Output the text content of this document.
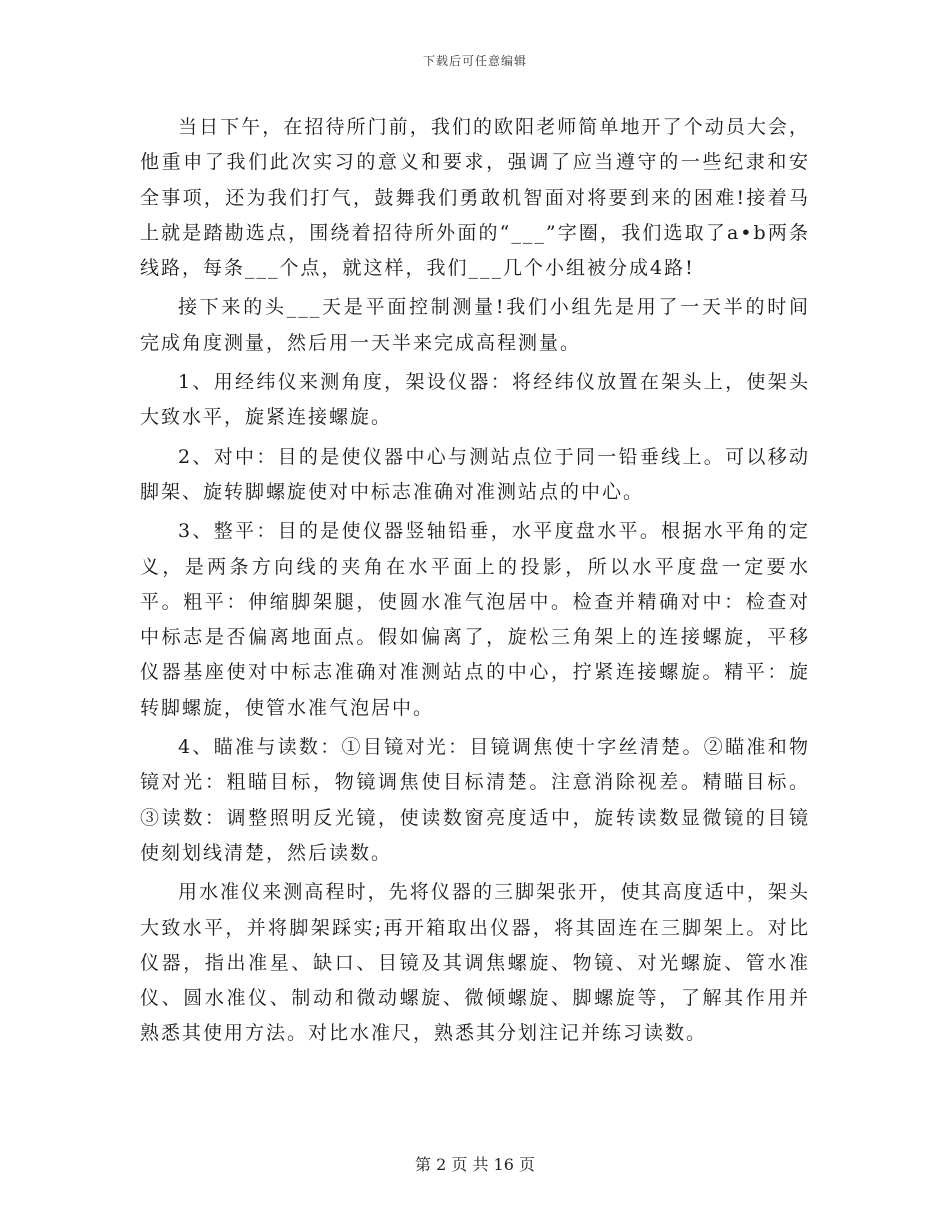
下载后可任意编辑

当日下午，在招待所门前，我们的欧阳老师简单地开了个动员大会，他重申了我们此次实习的意义和要求，强调了应当遵守的一些纪隶和安全事项，还为我们打气，鼓舞我们勇敢机智面对将要到来的困难!接着马上就是踏勘选点，围绕着招待所外面的“___”字圈，我们选取了a•b两条线路，每条___个点，就这样，我们___几个小组被分成4路!

接下来的头___天是平面控制测量!我们小组先是用了一天半的时间完成角度测量，然后用一天半来完成高程测量。

1、用经纬仪来测角度，架设仪器：将经纬仪放置在架头上，使架头大致水平，旋紧连接螺旋。

2、对中：目的是使仪器中心与测站点位于同一铅垂线上。可以移动脚架、旋转脚螺旋使对中标志准确对准测站点的中心。

3、整平：目的是使仪器竖轴铅垂，水平度盘水平。根据水平角的定义，是两条方向线的夹角在水平面上的投影，所以水平度盘一定要水平。粗平：伸缩脚架腿，使圆水准气泡居中。检查并精确对中：检查对中标志是否偏离地面点。假如偏离了，旋松三角架上的连接螺旋，平移仪器基座使对中标志准确对准测站点的中心，拧紧连接螺旋。精平：旋转脚螺旋，使管水准气泡居中。

4、瞄准与读数：①目镜对光：目镜调焦使十字丝清楚。②瞄准和物镜对光：粗瞄目标，物镜调焦使目标清楚。注意消除视差。精瞄目标。③读数：调整照明反光镜，使读数窗亮度适中，旋转读数显微镜的目镜使刻划线清楚，然后读数。

用水准仪来测高程时，先将仪器的三脚架张开，使其高度适中，架头大致水平，并将脚架踩实;再开箱取出仪器，将其固连在三脚架上。对比仪器，指出准星、缺口、目镜及其调焦螺旋、物镜、对光螺旋、管水准仪、圆水准仪、制动和微动螺旋、微倾螺旋、脚螺旋等，了解其作用并熟悉其使用方法。对比水准尺，熟悉其分划注记并练习读数。

第 2 页 共 16 页
